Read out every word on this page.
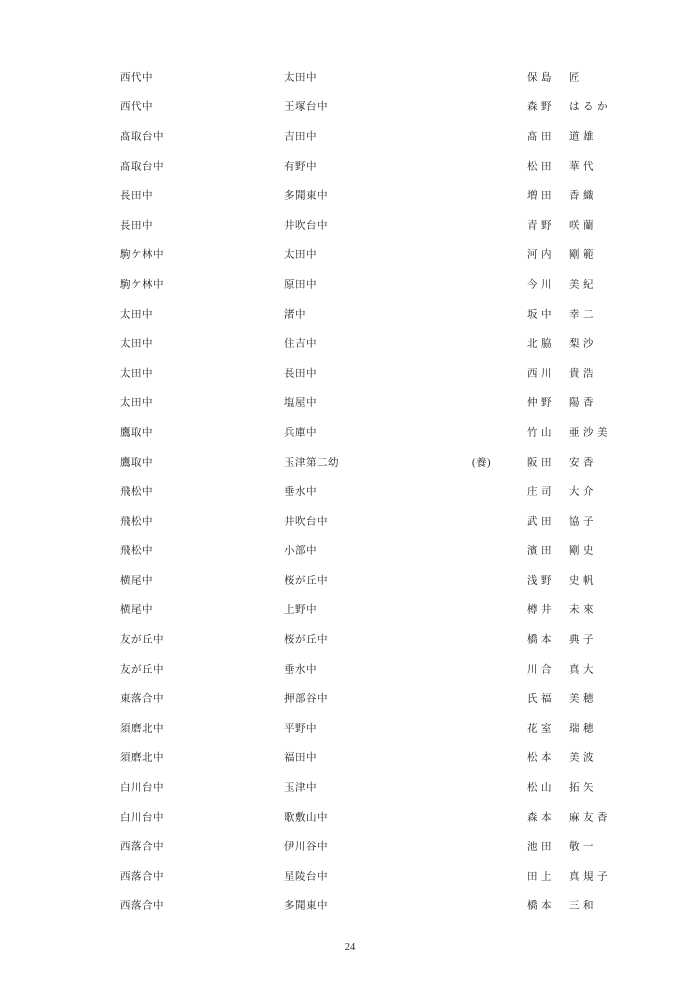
西代中	太田中	保島　匠
西代中	王塚台中	森野　はるか
髙取台中	吉田中	髙田　道雄
髙取台中	有野中	松田　華代
長田中	多聞東中	増田　香織
長田中	井吹台中	青野　咲蘭
駒ケ林中	太田中	河内　剛範
駒ケ林中	原田中	今川　美紀
太田中	渚中	坂中　幸二
太田中	住吉中	北脇　梨沙
太田中	長田中	西川　貴浩
太田中	塩屋中	仲野　陽香
鷹取中	兵庫中	竹山　亜沙美
鷹取中	玉津第二幼	(養)	阪田　安香
飛松中	垂水中	庄司　大介
飛松中	井吹台中	武田　協子
飛松中	小部中	濱田　剛史
横尾中	桜が丘中	浅野　史帆
横尾中	上野中	樽井　未來
友が丘中	桜が丘中	橋本　典子
友が丘中	垂水中	川合　真大
東落合中	押部谷中	氏福　美穂
須磨北中	平野中	花室　瑞穂
須磨北中	福田中	松本　美波
白川台中	玉津中	松山　拓矢
白川台中	歌敷山中	森本　麻友香
西落合中	伊川谷中	池田　敬一
西落合中	星陵台中	田上　真規子
西落合中	多聞東中	橋本　三和
24
